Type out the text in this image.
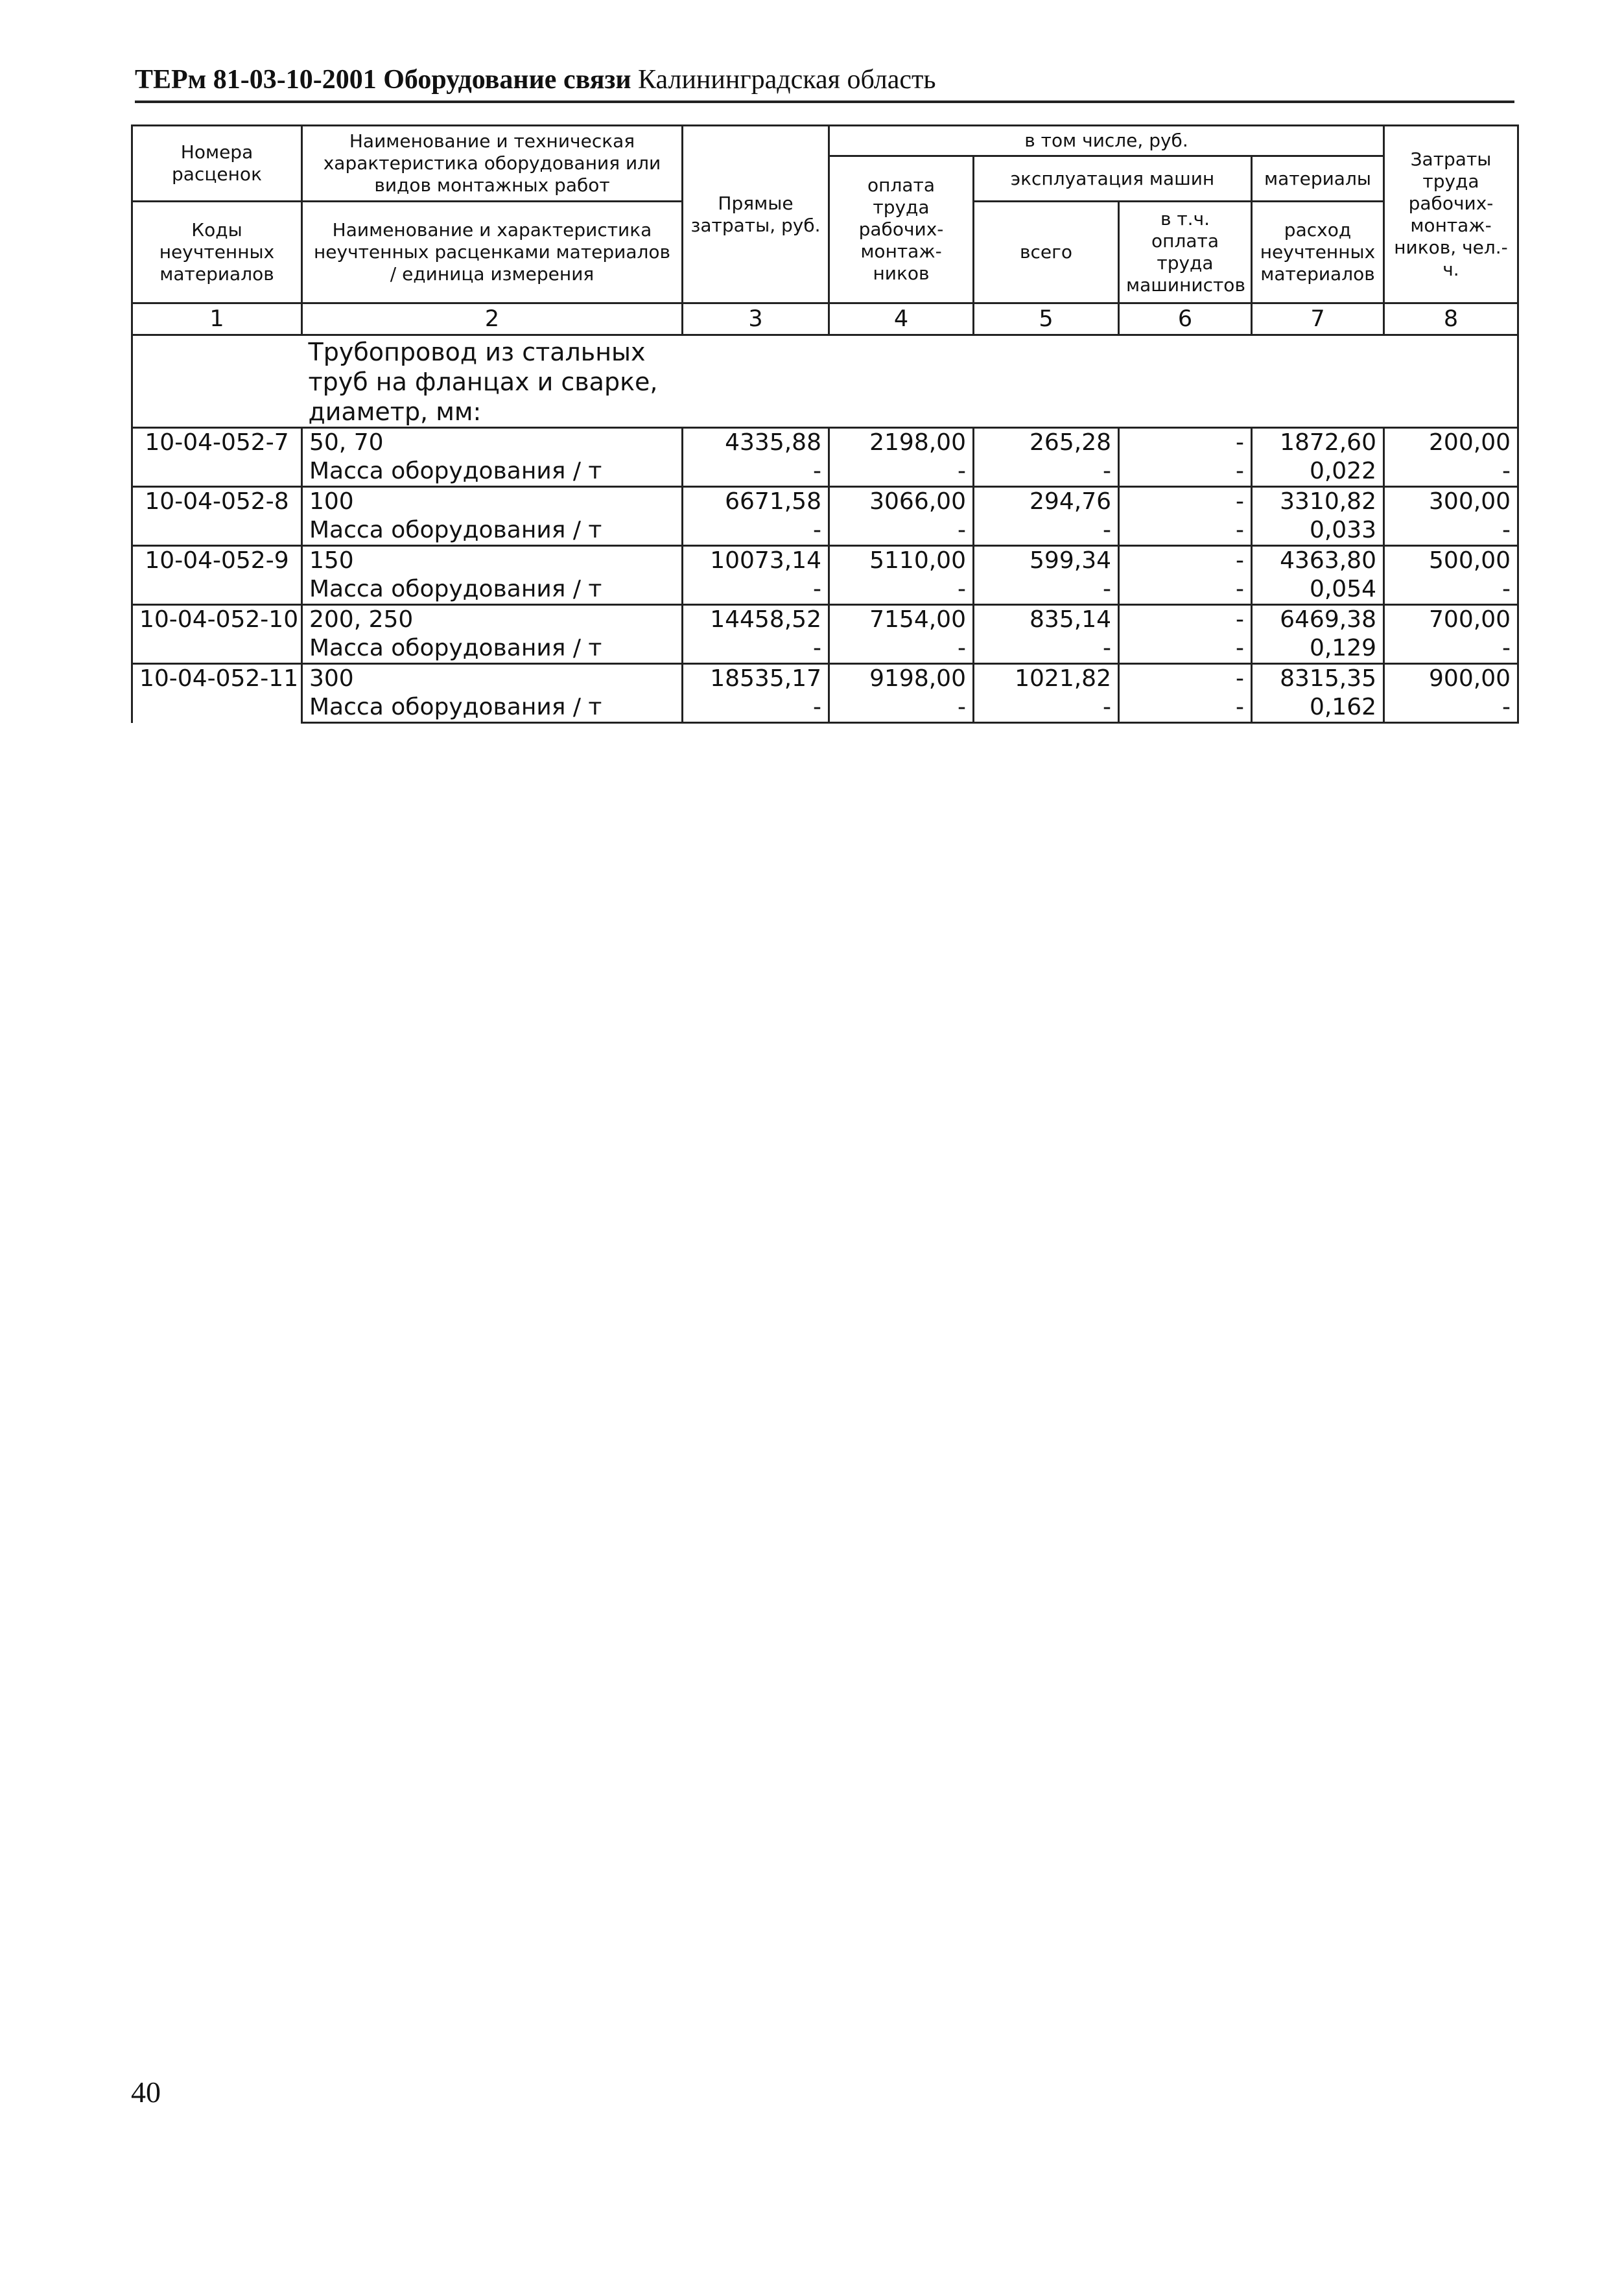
ТЕРм 81-03-10-2001 Оборудование связи Калининградская область
Номера расценок	Наименование и техническая характеристика оборудования или видов монтажных работ	Прямые затраты, руб.	в том числе, руб.				Затраты труда рабочих-монтаж-ников, чел.-ч.
			оплата труда рабочих-монтаж-ников	эксплуатация машин		материалы	
Коды неучтенных материалов	Наименование и характеристика неучтенных расценками материалов / единица измерения			всего	в т.ч. оплата труда машинистов	расход неучтенных материалов	

1	2	3	4	5	6	7	8

	Трубопровод из стальных труб на фланцах и сварке, диаметр, мм:						

10-04-052-7	50, 70	4335,88	2198,00	265,28	-	1872,60	200,00
	Масса оборудования / т	-	-	-	-	0,022	-
10-04-052-8	100	6671,58	3066,00	294,76	-	3310,82	300,00
	Масса оборудования / т	-	-	-	-	0,033	-
10-04-052-9	150	10073,14	5110,00	599,34	-	4363,80	500,00
	Масса оборудования / т	-	-	-	-	0,054	-
10-04-052-10	200, 250	14458,52	7154,00	835,14	-	6469,38	700,00
	Масса оборудования / т	-	-	-	-	0,129	-
10-04-052-11	300	18535,17	9198,00	1021,82	-	8315,35	900,00
	Масса оборудования / т	-	-	-	-	0,162	-
40
